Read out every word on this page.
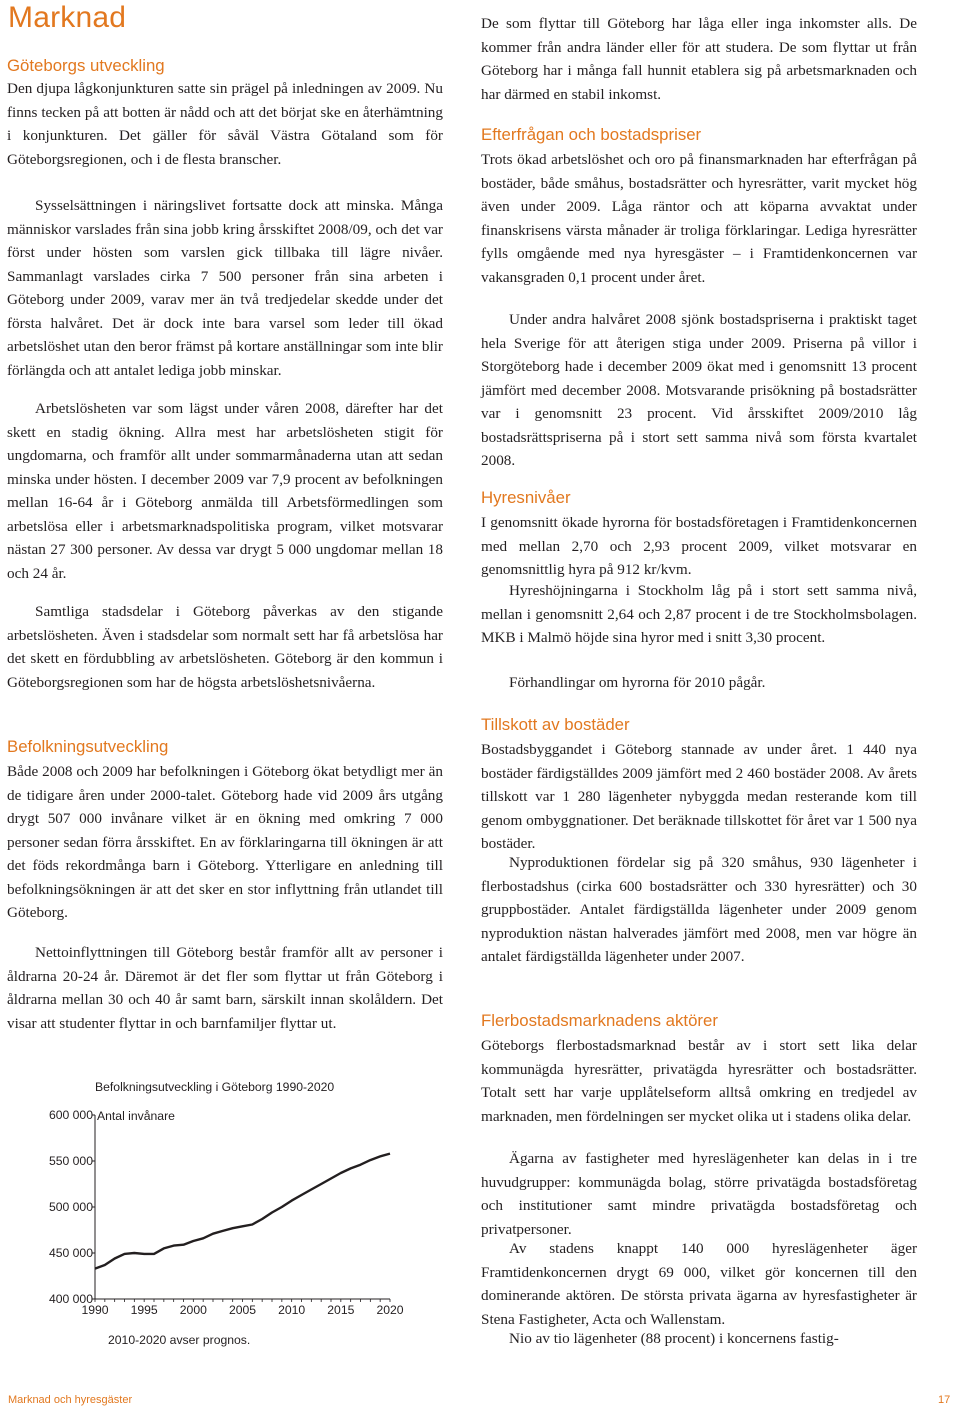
Marknad
Göteborgs utveckling

Den djupa lågkonjunkturen satte sin prägel på inledningen av 2009. Nu finns tecken på att botten är nådd och att det börjat ske en återhämtning i konjunkturen. Det gäller för såväl Västra Götaland som för Göteborgsregionen, och i de flesta branscher.

Sysselsättningen i näringslivet fortsatte dock att minska. Många människor varslades från sina jobb kring årsskiftet 2008/09, och det var först under hösten som varslen gick tillbaka till lägre nivåer. Sammanlagt varslades cirka 7 500 personer från sina arbeten i Göteborg under 2009, varav mer än två tredjedelar skedde under det första halvåret. Det är dock inte bara varsel som leder till ökad arbetslöshet utan den beror främst på kortare anställningar som inte blir förlängda och att antalet lediga jobb minskar.

Arbetslösheten var som lägst under våren 2008, därefter har det skett en stadig ökning. Allra mest har arbetslösheten stigit för ungdomarna, och framför allt under sommarmånaderna utan att sedan minska under hösten. I december 2009 var 7,9 procent av befolkningen mellan 16-64 år i Göteborg anmälda till Arbetsförmedlingen som arbetslösa eller i arbetsmarknadspolitiska program, vilket motsvarar nästan 27 300 personer. Av dessa var drygt 5 000 ungdomar mellan 18 och 24 år.

Samtliga stadsdelar i Göteborg påverkas av den stigande arbetslösheten. Även i stadsdelar som normalt sett har få arbetslösa har det skett en fördubbling av arbetslösheten. Göteborg är den kommun i Göteborgsregionen som har de högsta arbetslöshetsnivåerna.

Befolkningsutveckling

Både 2008 och 2009 har befolkningen i Göteborg ökat betydligt mer än de tidigare åren under 2000-talet. Göteborg hade vid 2009 års utgång drygt 507 000 invånare vilket är en ökning med omkring 7 000 personer sedan förra årsskiftet. En av förklaringarna till ökningen är att det föds rekordmånga barn i Göteborg. Ytterligare en anledning till befolkningsökningen är att det sker en stor inflyttning från utlandet till Göteborg.

Nettoinflyttningen till Göteborg består framför allt av personer i åldrarna 20-24 år. Däremot är det fler som flyttar ut från Göteborg i åldrarna mellan 30 och 40 år samt barn, särskilt innan skolåldern. Det visar att studenter flyttar in och barnfamiljer flyttar ut.

De som flyttar till Göteborg har låga eller inga inkomster alls. De kommer från andra länder eller för att studera. De som flyttar ut från Göteborg har i många fall hunnit etablera sig på arbetsmarknaden och har därmed en stabil inkomst.

Efterfrågan och bostadspriser

Trots ökad arbetslöshet och oro på finansmarknaden har efterfrågan på bostäder, både småhus, bostadsrätter och hyresrätter, varit mycket hög även under 2009. Låga räntor och att köparna avvaktat under finanskrisens värsta månader är troliga förklaringar. Lediga hyresrätter fylls omgående med nya hyresgäster – i Framtidenkoncernen var vakansgraden 0,1 procent under året.

Under andra halvåret 2008 sjönk bostadspriserna i praktiskt taget hela Sverige för att återigen stiga under 2009. Priserna på villor i Storgöteborg hade i december 2009 ökat med i genomsnitt 13 procent jämfört med december 2008. Motsvarande prisökning på bostadsrätter var i genomsnitt 23 procent. Vid årsskiftet 2009/2010 låg bostadsrättspriserna på i stort sett samma nivå som första kvartalet 2008.

Hyresnivåer

I genomsnitt ökade hyrorna för bostadsföretagen i Framtidenkoncernen med mellan 2,70 och 2,93 procent 2009, vilket motsvarar en genomsnittlig hyra på 912 kr/kvm.

Hyreshöjningarna i Stockholm låg på i stort sett samma nivå, mellan i genomsnitt 2,64 och 2,87 procent i de tre Stockholmsbolagen. MKB i Malmö höjde sina hyror med i snitt 3,30 procent.

Förhandlingar om hyrorna för 2010 pågår.

Tillskott av bostäder

Bostadsbyggandet i Göteborg stannade av under året. 1 440 nya bostäder färdigställdes 2009 jämfört med 2 460 bostäder 2008. Av årets tillskott var 1 280 lägenheter nybyggda medan resterande kom till genom ombyggnationer. Det beräknade tillskottet för året var 1 500 nya bostäder.

Nyproduktionen fördelar sig på 320 småhus, 930 lägenheter i flerbostadshus (cirka 600 bostadsrätter och 330 hyresrätter) och 30 gruppbostäder. Antalet färdigställda lägenheter under 2009 genom nyproduktion nästan halverades jämfört med 2008, men var högre än antalet färdigställda lägenheter under 2007.

Flerbostadsmarknadens aktörer

Göteborgs flerbostadsmarknad består av i stort sett lika delar kommunägda hyresrätter, privatägda hyresrätter och bostadsrätter. Totalt sett har varje upplåtelseform alltså omkring en tredjedel av marknaden, men fördelningen ser mycket olika ut i stadens olika delar.

Ägarna av fastigheter med hyreslägenheter kan delas in i tre huvudgrupper: kommunägda bolag, större privatägda bostadsföretag och institutioner samt mindre privatägda bostadsföretag och privatpersoner.

Av stadens knappt 140 000 hyreslägenheter äger Framtidenkoncernen drygt 69 000, vilket gör koncernen till den dominerande aktören. De största privata ägarna av hyresfastigheter är Stena Fastigheter, Acta och Wallenstam.

Nio av tio lägenheter (88 procent) i koncernens fastig-

Befolkningsutveckling i Göteborg 1990-2020
Antal invånare
2010-2020 avser prognos.
600 000
550 000
500 000
450 000
400 000
1990 1995 2000 2005 2010 2015 2020
Marknad och hyresgäster	17
